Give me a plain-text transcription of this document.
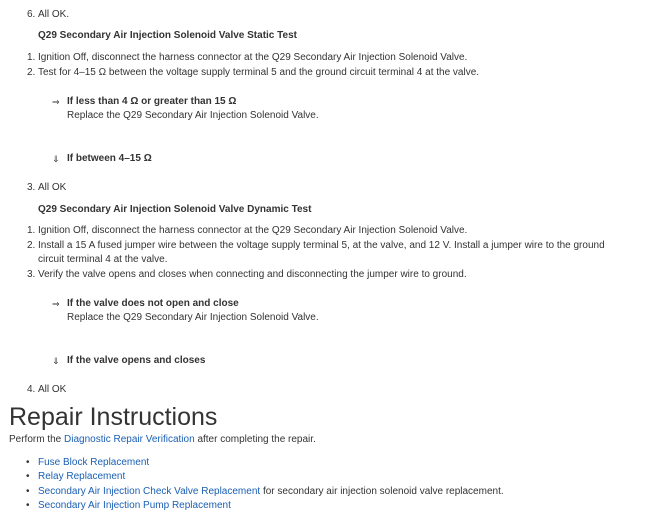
6. All OK.
Q29 Secondary Air Injection Solenoid Valve Static Test
1. Ignition Off, disconnect the harness connector at the Q29 Secondary Air Injection Solenoid Valve.
2. Test for 4–15 Ω between the voltage supply terminal 5 and the ground circuit terminal 4 at the valve.
⇒ If less than 4 Ω or greater than 15 Ω
Replace the Q29 Secondary Air Injection Solenoid Valve.
⇓ If between 4–15 Ω
3. All OK
Q29 Secondary Air Injection Solenoid Valve Dynamic Test
1. Ignition Off, disconnect the harness connector at the Q29 Secondary Air Injection Solenoid Valve.
2. Install a 15 A fused jumper wire between the voltage supply terminal 5, at the valve, and 12 V. Install a jumper wire to the ground
circuit terminal 4 at the valve.
3. Verify the valve opens and closes when connecting and disconnecting the jumper wire to ground.
⇒ If the valve does not open and close
Replace the Q29 Secondary Air Injection Solenoid Valve.
⇓ If the valve opens and closes
4. All OK
Repair Instructions
Perform the Diagnostic Repair Verification after completing the repair.
• Fuse Block Replacement
• Relay Replacement
• Secondary Air Injection Check Valve Replacement for secondary air injection solenoid valve replacement.
• Secondary Air Injection Pump Replacement
